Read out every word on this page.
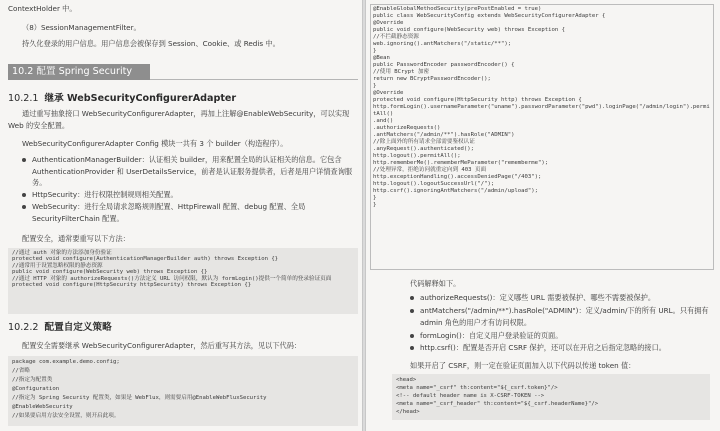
ContextHolder 中。
（8）SessionManagementFilter。
持久化登录的用户信息。用户信息会被保存到 Session、Cookie、或 Redis 中。
10.2 配置 Spring Security
10.2.1 继承 WebSecurityConfigurerAdapter
通过重写抽象接口 WebSecurityConfigurerAdapter，再加上注解@EnableWebSecurity，可以实现 Web 的安全配置。
WebSecurityConfigurerAdapter Config 模块一共有 3 个 builder（构造程序）。
AuthenticationManagerBuilder：认证相关 builder，用来配置全局的认证相关的信息。它包含 AuthenticationProvider 和 UserDetailsService，前者是认证服务提供者，后者是用户详情查询服务。
HttpSecurity：进行权限控制规则相关配置。
WebSecurity：进行全局请求忽略规则配置、HttpFirewall 配置、debug 配置、全局 SecurityFilterChain 配置。
配置安全，通常要重写以下方法：
//通过 auth 对象的方法添加身份验证
protected void configure(AuthenticationManagerBuilder auth) throws Exception {}
//通常用于设置忽略权限的静态资源
public void configure(WebSecurity web) throws Exception {}
//通过 HTTP 对象的 authorizeRequests()方法定义 URL 访问权限，默认为 formLogin()提供一个简单的登录验证页面
protected void configure(HttpSecurity httpSecurity) throws Exception {}
10.2.2 配置自定义策略
配置安全需要继承 WebSecurityConfigurerAdapter，然后重写其方法，见以下代码：
package com.example.demo.config;
//省略
//指定为配置类
@Configuration
//指定为 Spring Security 配置类，如果是 WebFlux，则需要启用@EnableWebFluxSecurity
@EnableWebSecurity
//如果要启用方法安全设置，则开启此项。
@EnableGlobalMethodSecurity(prePostEnabled = true)
public class WebSecurityConfig extends WebSecurityConfigurerAdapter {
@Override
public void configure(WebSecurity web) throws Exception {
//不拦截静态资源
web.ignoring().antMatchers("/static/**");
}
@Bean
public PasswordEncoder passwordEncoder() {
//使用 BCrypt 加密
return new BCryptPasswordEncoder();
}
@Override
protected void configure(HttpSecurity http) throws Exception {
http.formLogin().usernameParameter("uname").passwordParameter("pwd").loginPage("/admin/login").permitAll()
.and()
.authorizeRequests()
.antMatchers("/admin/**").hasRole("ADMIN")
//除上面外的所有请求全部需要鉴权认证
.anyRequest().authenticated();
http.logout().permitAll();
http.rememberMe().rememberMeParameter("rememberme");
//处理异常，拒绝访问就重定向到 403 页面
http.exceptionHandling().accessDeniedPage("/403");
http.logout().logoutSuccessUrl("/");
http.csrf().ignoringAntMatchers("/admin/upload");
}
}
代码解释如下。
authorizeRequests()：定义哪些 URL 需要被保护、哪些不需要被保护。
antMatchers("/admin/**").hasRole("ADMIN")：定义/admin/下的所有 URL。只有拥有 admin 角色的用户才有访问权限。
formLogin()：自定义用户登录验证的页面。
http.csrf()：配置是否开启 CSRF 保护，还可以在开启之后指定忽略的接口。
如果开启了 CSRF，则一定在验证页面加入以下代码以传递 token 值：
<head>
<meta name="_csrf" th:content="${_csrf.token}"/>
<!-- default header name is X-CSRF-TOKEN -->
<meta name="_csrf_header" th:content="${_csrf.headerName}"/>
</head>
